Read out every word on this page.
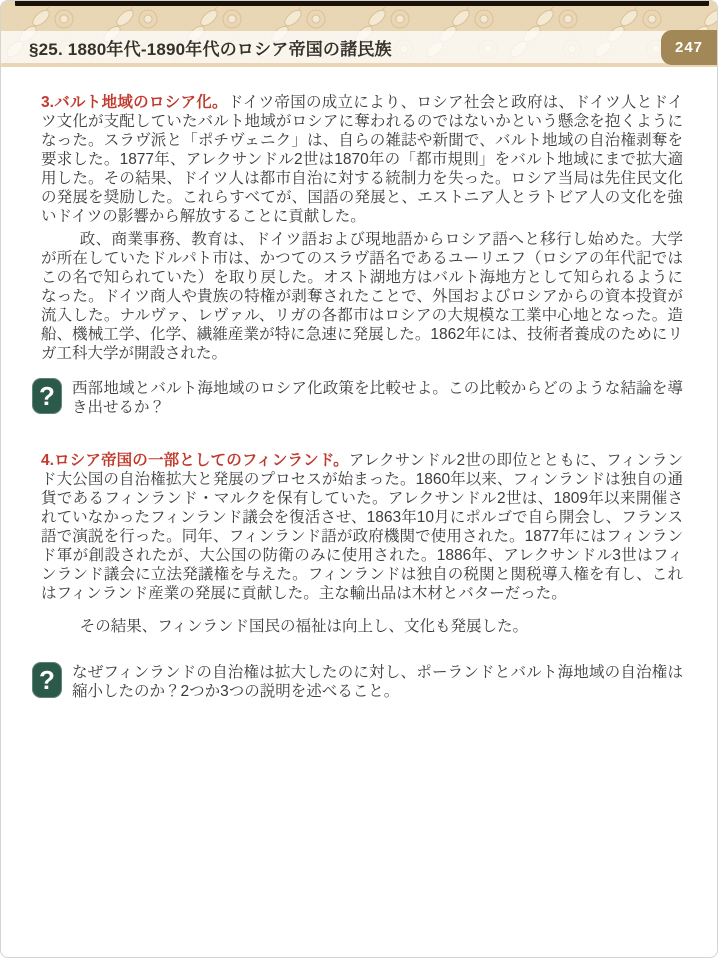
§25. 1880年代-1890年代のロシア帝国の諸民族	247

3.バルト地域のロシア化。ドイツ帝国の成立により、ロシア社会と政府は、ドイツ人とドイツ文化が支配していたバルト地域がロシアに奪われるのではないかという懸念を抱くようになった。スラヴ派と「ポチヴェニク」は、自らの雑誌や新聞で、バルト地域の自治権剥奪を要求した。1877年、アレクサンドル2世は1870年の「都市規則」をバルト地域にまで拡大適用した。その結果、ドイツ人は都市自治に対する統制力を失った。ロシア当局は先住民文化の発展を奨励した。これらすべてが、国語の発展と、エストニア人とラトビア人の文化を強いドイツの影響から解放することに貢献した。

政、商業事務、教育は、ドイツ語および現地語からロシア語へと移行し始めた。大学が所在していたドルパト市は、かつてのスラヴ語名であるユーリエフ（ロシアの年代記ではこの名で知られていた）を取り戻した。オスト湖地方はバルト海地方として知られるようになった。ドイツ商人や貴族の特権が剥奪されたことで、外国およびロシアからの資本投資が流入した。ナルヴァ、レヴァル、リガの各都市はロシアの大規模な工業中心地となった。造船、機械工学、化学、繊維産業が特に急速に発展した。1862年には、技術者養成のためにリガ工科大学が開設された。

?	西部地域とバルト海地域のロシア化政策を比較せよ。この比較からどのような結論を導き出せるか？

4.ロシア帝国の一部としてのフィンランド。アレクサンドル2世の即位とともに、フィンランド大公国の自治権拡大と発展のプロセスが始まった。1860年以来、フィンランドは独自の通貨であるフィンランド・マルクを保有していた。アレクサンドル2世は、1809年以来開催されていなかったフィンランド議会を復活させ、1863年10月にポルゴで自ら開会し、フランス語で演説を行った。同年、フィンランド語が政府機関で使用された。1877年にはフィンランド軍が創設されたが、大公国の防衛のみに使用された。1886年、アレクサンドル3世はフィンランド議会に立法発議権を与えた。フィンランドは独自の税関と関税導入権を有し、これはフィンランド産業の発展に貢献した。主な輸出品は木材とバターだった。

その結果、フィンランド国民の福祉は向上し、文化も発展した。

?	なぜフィンランドの自治権は拡大したのに対し、ポーランドとバルト海地域の自治権は縮小したのか？2つか3つの説明を述べること。
